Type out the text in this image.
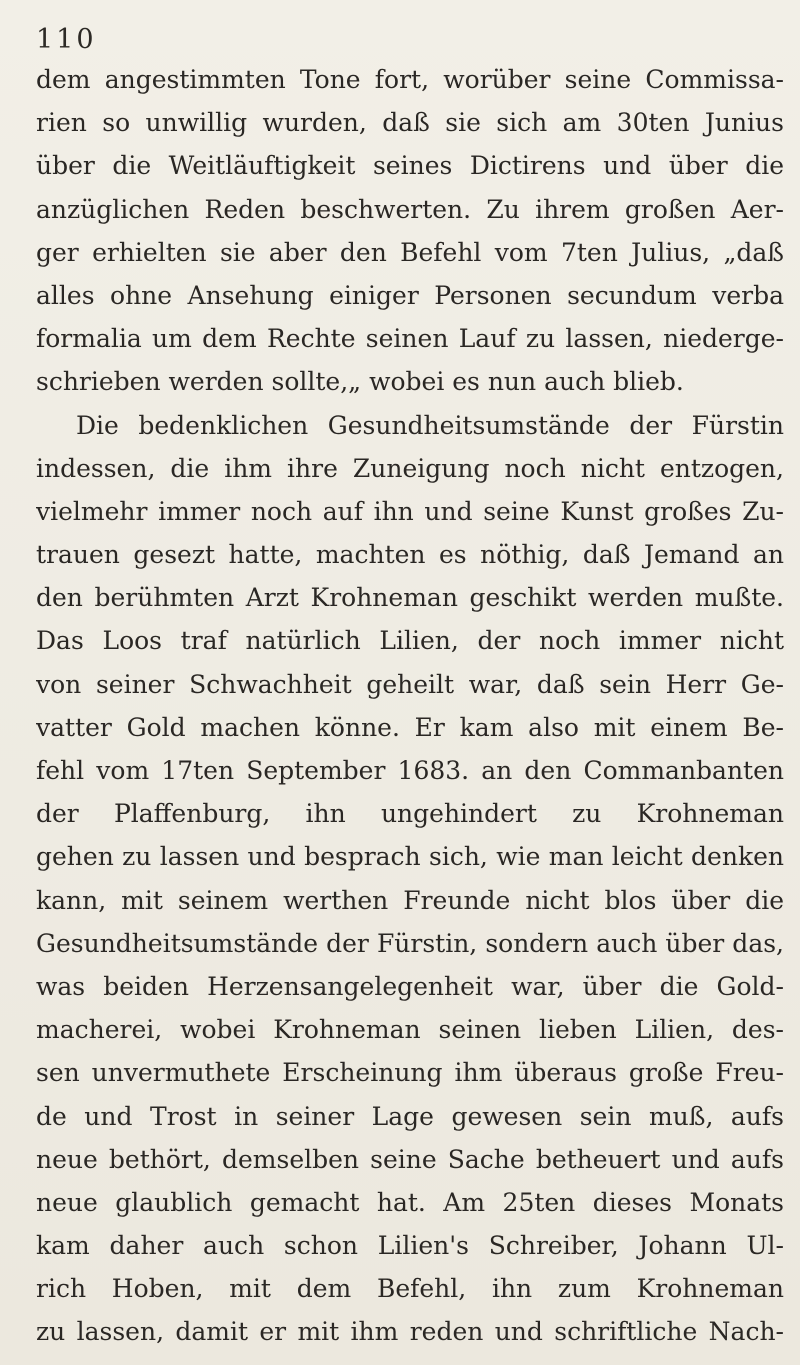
110
dem angestimmten Tone fort, worüber seine Commissa-
rien so unwillig wurden, daß sie sich am 30ten Junius
über die Weitläuftigkeit seines Dictirens und über die
anzüglichen Reden beschwerten. Zu ihrem großen Aer-
ger erhielten sie aber den Befehl vom 7ten Julius, „daß
alles ohne Ansehung einiger Personen secundum verba
formalia um dem Rechte seinen Lauf zu lassen, niederge-
schrieben werden sollte,„ wobei es nun auch blieb.
Die bedenklichen Gesundheitsumstände der Fürstin
indessen, die ihm ihre Zuneigung noch nicht entzogen,
vielmehr immer noch auf ihn und seine Kunst großes Zu-
trauen gesezt hatte, machten es nöthig, daß Jemand an
den berühmten Arzt Krohneman geschikt werden mußte.
Das Loos traf natürlich Lilien, der noch immer nicht
von seiner Schwachheit geheilt war, daß sein Herr Ge-
vatter Gold machen könne. Er kam also mit einem Be-
fehl vom 17ten September 1683. an den Commanbanten
der Plaffenburg, ihn ungehindert zu Krohneman
gehen zu lassen und besprach sich, wie man leicht denken
kann, mit seinem werthen Freunde nicht blos über die
Gesundheitsumstände der Fürstin, sondern auch über das,
was beiden Herzensangelegenheit war, über die Gold-
macherei, wobei Krohneman seinen lieben Lilien, des-
sen unvermuthete Erscheinung ihm überaus große Freu-
de und Trost in seiner Lage gewesen sein muß, aufs
neue bethört, demselben seine Sache betheuert und aufs
neue glaublich gemacht hat. Am 25ten dieses Monats
kam daher auch schon Lilien's Schreiber, Johann Ul-
rich Hoben, mit dem Befehl, ihn zum Krohneman
zu lassen, damit er mit ihm reden und schriftliche Nach-
